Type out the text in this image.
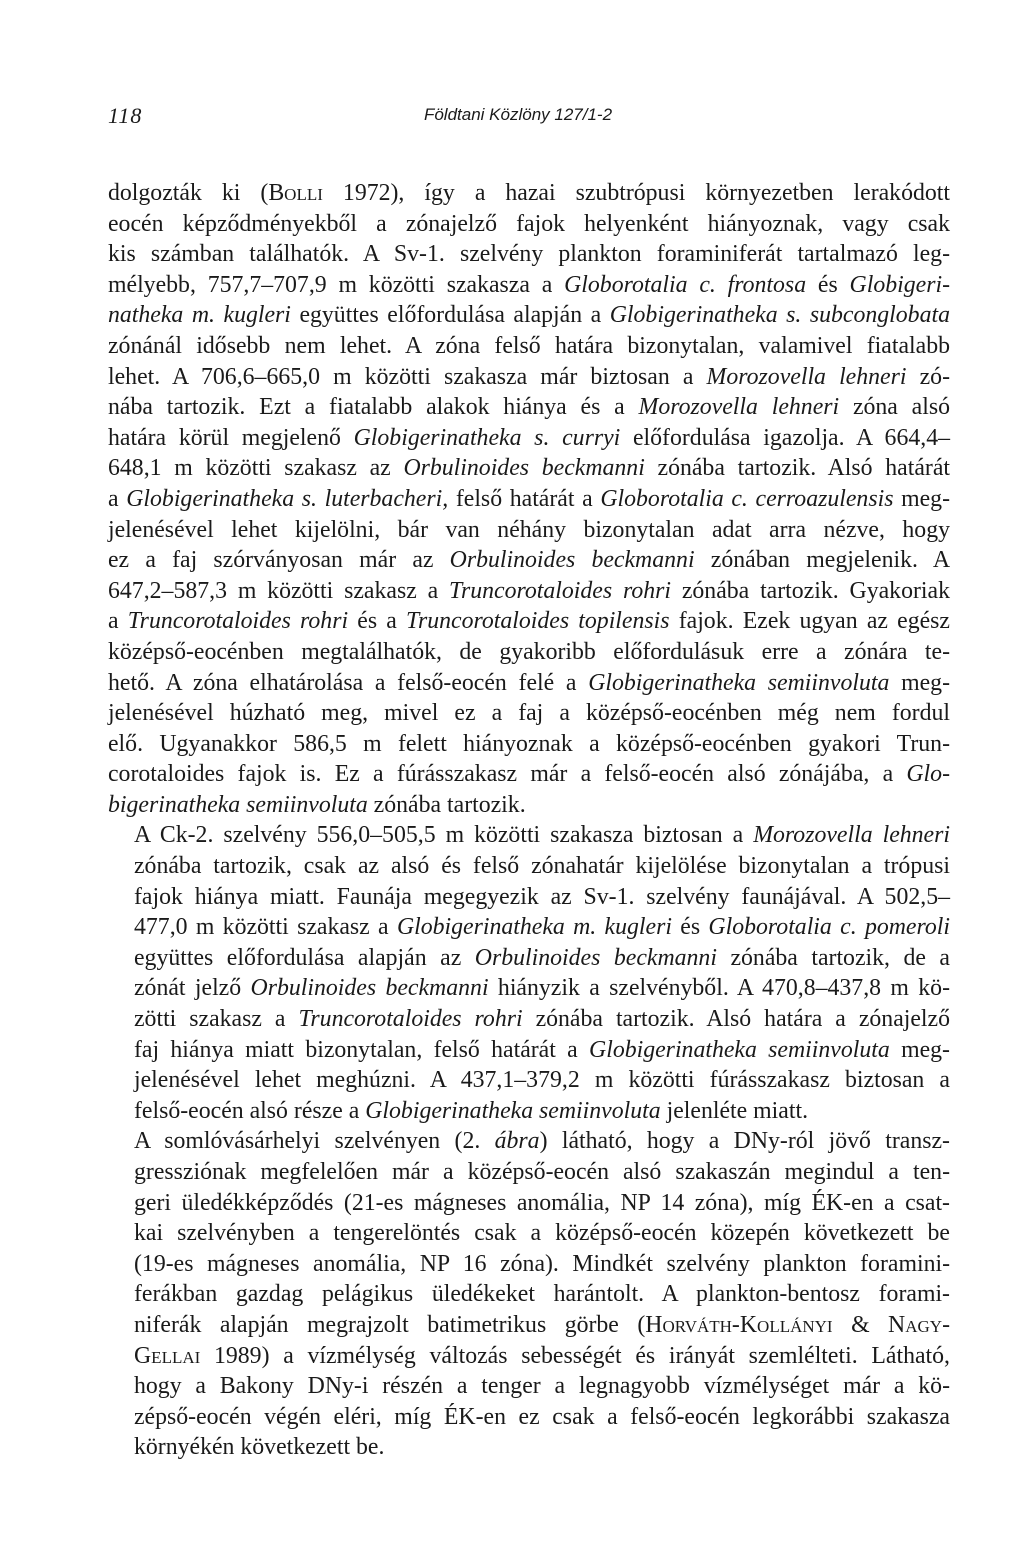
118	Földtani Közlöny 127/1-2

dolgozták ki (Bolli 1972), így a hazai szubtrópusi környezetben lerakódott
eocén képződményekből a zónajelző fajok helyenként hiányoznak, vagy csak
kis számban találhatók. A Sv-1. szelvény plankton foraminiferát tartalmazó leg-
mélyebb, 757,7–707,9 m közötti szakasza a Globorotalia c. frontosa és Globigeri-
natheka m. kugleri együttes előfordulása alapján a Globigerinatheka s. subconglobata
zónánál idősebb nem lehet. A zóna felső határa bizonytalan, valamivel fiatalabb
lehet. A 706,6–665,0 m közötti szakasza már biztosan a Morozovella lehneri zó-
nába tartozik. Ezt a fiatalabb alakok hiánya és a Morozovella lehneri zóna alsó
határa körül megjelenő Globigerinatheka s. curryi előfordulása igazolja. A 664,4–
648,1 m közötti szakasz az Orbulinoides beckmanni zónába tartozik. Alsó határát
a Globigerinatheka s. luterbacheri, felső határát a Globorotalia c. cerroazulensis meg-
jelenésével lehet kijelölni, bár van néhány bizonytalan adat arra nézve, hogy
ez a faj szórványosan már az Orbulinoides beckmanni zónában megjelenik. A
647,2–587,3 m közötti szakasz a Truncorotaloides rohri zónába tartozik. Gyakoriak
a Truncorotaloides rohri és a Truncorotaloides topilensis fajok. Ezek ugyan az egész
középső-eocénben megtalálhatók, de gyakoribb előfordulásuk erre a zónára te-
hető. A zóna elhatárolása a felső-eocén felé a Globigerinatheka semiinvoluta meg-
jelenésével húzható meg, mivel ez a faj a középső-eocénben még nem fordul
elő. Ugyanakkor 586,5 m felett hiányoznak a középső-eocénben gyakori Trun-
corotaloides fajok is. Ez a fúrásszakasz már a felső-eocén alsó zónájába, a Glo-
bigerinatheka semiinvoluta zónába tartozik.

A Ck-2. szelvény 556,0–505,5 m közötti szakasza biztosan a Morozovella lehneri
zónába tartozik, csak az alsó és felső zónahatár kijelölése bizonytalan a trópusi
fajok hiánya miatt. Faunája megegyezik az Sv-1. szelvény faunájával. A 502,5–
477,0 m közötti szakasz a Globigerinatheka m. kugleri és Globorotalia c. pomeroli
együttes előfordulása alapján az Orbulinoides beckmanni zónába tartozik, de a
zónát jelző Orbulinoides beckmanni hiányzik a szelvényből. A 470,8–437,8 m kö-
zötti szakasz a Truncorotaloides rohri zónába tartozik. Alsó határa a zónajelző
faj hiánya miatt bizonytalan, felső határát a Globigerinatheka semiinvoluta meg-
jelenésével lehet meghúzni. A 437,1–379,2 m közötti fúrásszakasz biztosan a
felső-eocén alsó része a Globigerinatheka semiinvoluta jelenléte miatt.

A somlóvásárhelyi szelvényen (2. ábra) látható, hogy a DNy-ról jövő transz-
gressziónak megfelelően már a középső-eocén alsó szakaszán megindul a ten-
geri üledékképződés (21-es mágneses anomália, NP 14 zóna), míg ÉK-en a csat-
kai szelvényben a tengerelöntés csak a középső-eocén közepén következett be
(19-es mágneses anomália, NP 16 zóna). Mindkét szelvény plankton foramini-
ferákban gazdag pelágikus üledékeket harántolt. A plankton-bentosz forami-
niferák alapján megrajzolt batimetrikus görbe (Horváth-Kollányi & Nagy-
Gellai 1989) a vízmélység változás sebességét és irányát szemlélteti. Látható,
hogy a Bakony DNy-i részén a tenger a legnagyobb vízmélységet már a kö-
zépső-eocén végén eléri, míg ÉK-en ez csak a felső-eocén legkorábbi szakasza
környékén következett be.
